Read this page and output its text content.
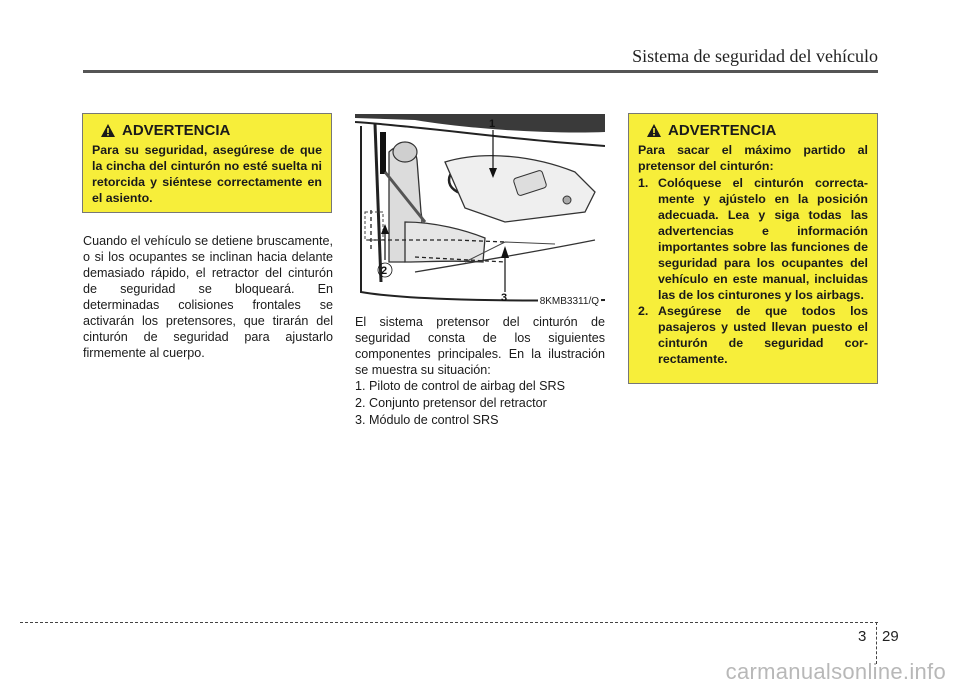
Sistema de seguridad del vehículo
ADVERTENCIA
Para su seguridad, asegúrese de que la cincha del cinturón no esté suelta ni retorcida y siéntese correctamente en el asiento.
Cuando el vehículo se detiene bruscamente, o si los ocupantes se inclinan hacia delante demasiado rápido, el retractor del cinturón de seguridad se bloqueará. En determinadas colisiones frontales se activarán los pretensores, que tirarán del cinturón de seguridad para ajustarlo firmemente al cuerpo.
1
2
3	8KMB3311/Q
El sistema pretensor del cinturón de seguridad consta de los siguientes componentes principales. En la ilustración se muestra su situación:
1. Piloto de control de airbag del SRS
2. Conjunto pretensor del retractor
3. Módulo de control SRS
ADVERTENCIA
Para sacar el máximo partido al pretensor del cinturón:
1. Colóquese el cinturón correcta-mente y ajústelo en la posición adecuada. Lea y siga todas las advertencias e información importantes sobre las funciones de seguridad para los ocupantes del vehículo en este manual, incluidas las de los cinturones y los airbags.
2. Asegúrese de que todos los pasajeros y usted llevan puesto el cinturón de seguridad cor-rectamente.
3 29
carmanualsonline.info
